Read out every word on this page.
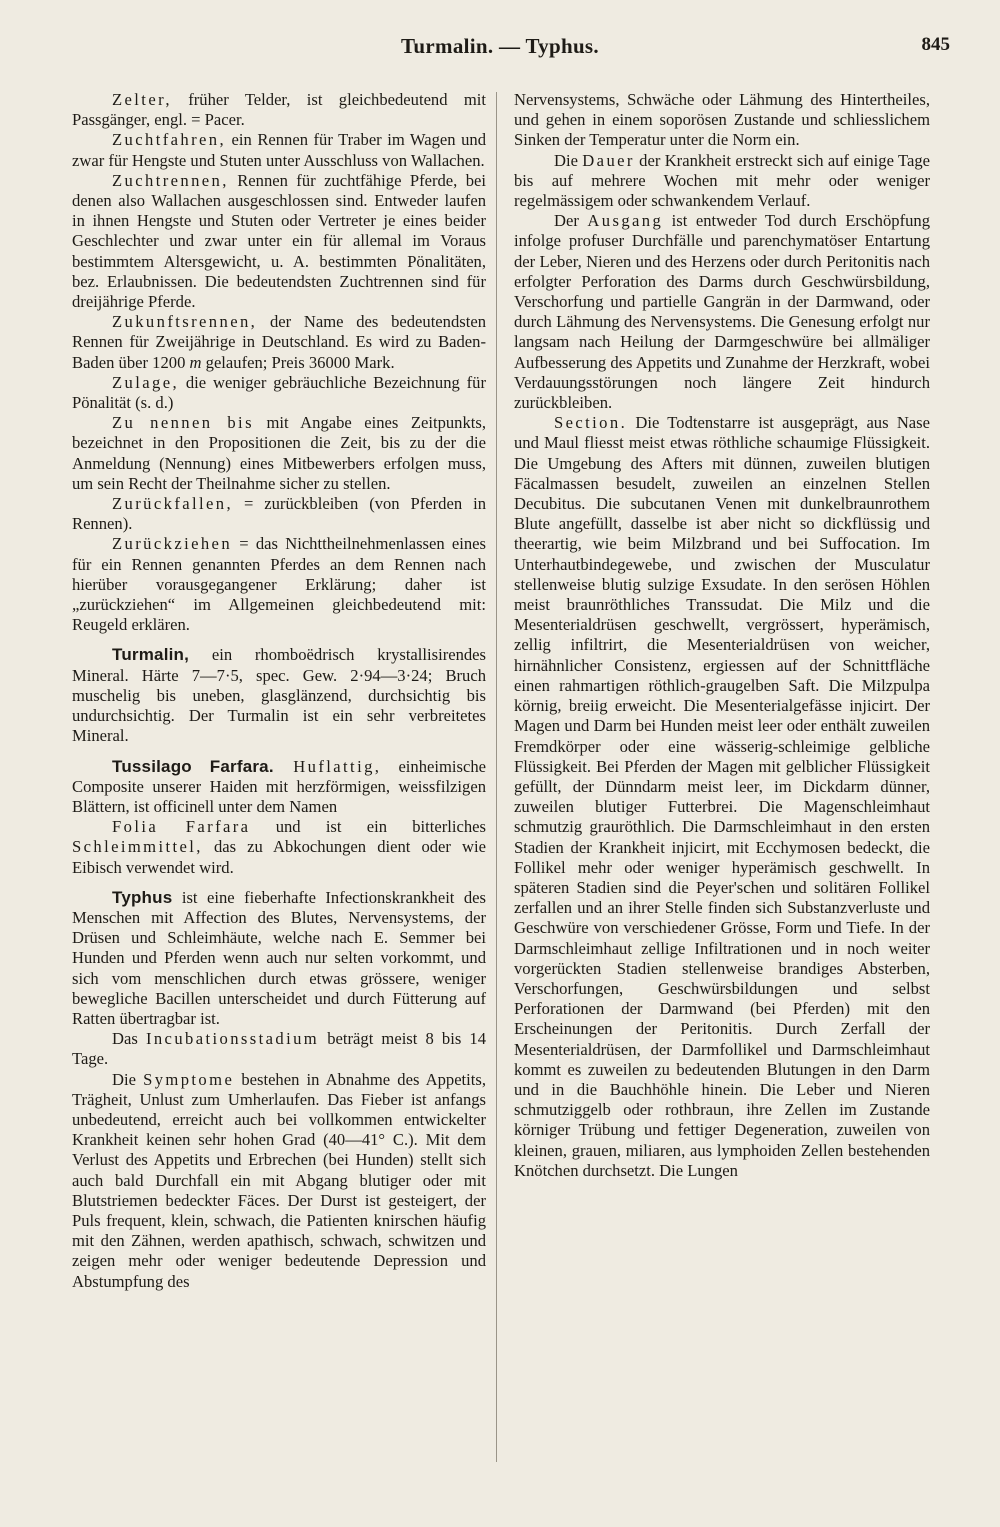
Turmalin. — Typhus.	845

Zelter, früher Telder, ist gleichbedeutend mit Passgänger, engl. = Pacer.

Zuchtfahren, ein Rennen für Traber im Wagen und zwar für Hengste und Stuten unter Ausschluss von Wallachen.

Zuchtrennen, Rennen für zuchtfähige Pferde, bei denen also Wallachen ausgeschlossen sind. Entweder laufen in ihnen Hengste und Stuten oder Vertreter je eines beider Geschlechter und zwar unter ein für allemal im Voraus bestimmtem Altersgewicht, u. A. bestimmten Pönalitäten, bez. Erlaubnissen. Die bedeutendsten Zuchtrennen sind für dreijährige Pferde.

Zukunftsrennen, der Name des bedeutendsten Rennen für Zweijährige in Deutschland. Es wird zu Baden-Baden über 1200 m gelaufen; Preis 36000 Mark.

Zulage, die weniger gebräuchliche Bezeichnung für Pönalität (s. d.)

Zu nennen bis mit Angabe eines Zeitpunkts, bezeichnet in den Propositionen die Zeit, bis zu der die Anmeldung (Nennung) eines Mitbewerbers erfolgen muss, um sein Recht der Theilnahme sicher zu stellen.

Zurückfallen, = zurückbleiben (von Pferden in Rennen).

Zurückziehen = das Nichttheilnehmenlassen eines für ein Rennen genannten Pferdes an dem Rennen nach hierüber vorausgegangener Erklärung; daher ist „zurückziehen“ im Allgemeinen gleichbedeutend mit: Reugeld erklären.

Turmalin, ein rhomboëdrisch krystallisirendes Mineral. Härte 7—7·5, spec. Gew. 2·94—3·24; Bruch muschelig bis uneben, glasglänzend, durchsichtig bis undurchsichtig. Der Turmalin ist ein sehr verbreitetes Mineral.

Tussilago Farfara. Huflattig, einheimische Composite unserer Haiden mit herzförmigen, weissfilzigen Blättern, ist officinell unter dem Namen

Folia Farfara und ist ein bitterliches Schleimmittel, das zu Abkochungen dient oder wie Eibisch verwendet wird.

Typhus ist eine fieberhafte Infectionskrankheit des Menschen mit Affection des Blutes, Nervensystems, der Drüsen und Schleimhäute, welche nach E. Semmer bei Hunden und Pferden wenn auch nur selten vorkommt, und sich vom menschlichen durch etwas grössere, weniger bewegliche Bacillen unterscheidet und durch Fütterung auf Ratten übertragbar ist.

Das Incubationsstadium beträgt meist 8 bis 14 Tage.

Die Symptome bestehen in Abnahme des Appetits, Trägheit, Unlust zum Umherlaufen. Das Fieber ist anfangs unbedeutend, erreicht auch bei vollkommen entwickelter Krankheit keinen sehr hohen Grad (40—41° C.). Mit dem Verlust des Appetits und Erbrechen (bei Hunden) stellt sich auch bald Durchfall ein mit Abgang blutiger oder mit Blutstriemen bedeckter Fäces. Der Durst ist gesteigert, der Puls frequent, klein, schwach, die Patienten knirschen häufig mit den Zähnen, werden apathisch, schwach, schwitzen und zeigen mehr oder weniger bedeutende Depression und Abstumpfung des

Nervensystems, Schwäche oder Lähmung des Hintertheiles, und gehen in einem soporösen Zustande und schliesslichem Sinken der Temperatur unter die Norm ein.

Die Dauer der Krankheit erstreckt sich auf einige Tage bis auf mehrere Wochen mit mehr oder weniger regelmässigem oder schwankendem Verlauf.

Der Ausgang ist entweder Tod durch Erschöpfung infolge profuser Durchfälle und parenchymatöser Entartung der Leber, Nieren und des Herzens oder durch Peritonitis nach erfolgter Perforation des Darms durch Geschwürsbildung, Verschorfung und partielle Gangrän in der Darmwand, oder durch Lähmung des Nervensystems. Die Genesung erfolgt nur langsam nach Heilung der Darmgeschwüre bei allmäliger Aufbesserung des Appetits und Zunahme der Herzkraft, wobei Verdauungsstörungen noch längere Zeit hindurch zurückbleiben.

Section. Die Todtenstarre ist ausgeprägt, aus Nase und Maul fliesst meist etwas röthliche schaumige Flüssigkeit. Die Umgebung des Afters mit dünnen, zuweilen blutigen Fäcalmassen besudelt, zuweilen an einzelnen Stellen Decubitus. Die subcutanen Venen mit dunkelbraunrothem Blute angefüllt, dasselbe ist aber nicht so dickflüssig und theerartig, wie beim Milzbrand und bei Suffocation. Im Unterhautbindegewebe, und zwischen der Musculatur stellenweise blutig sulzige Exsudate. In den serösen Höhlen meist braunröthliches Transsudat. Die Milz und die Mesenterialdrüsen geschwellt, vergrössert, hyperämisch, zellig infiltrirt, die Mesenterialdrüsen von weicher, hirnähnlicher Consistenz, ergiessen auf der Schnittfläche einen rahmartigen röthlich-graugelben Saft. Die Milzpulpa körnig, breiig erweicht. Die Mesenterialgefässe injicirt. Der Magen und Darm bei Hunden meist leer oder enthält zuweilen Fremdkörper oder eine wässerig-schleimige gelbliche Flüssigkeit. Bei Pferden der Magen mit gelblicher Flüssigkeit gefüllt, der Dünndarm meist leer, im Dickdarm dünner, zuweilen blutiger Futterbrei. Die Magenschleimhaut schmutzig grauröthlich. Die Darmschleimhaut in den ersten Stadien der Krankheit injicirt, mit Ecchymosen bedeckt, die Follikel mehr oder weniger hyperämisch geschwellt. In späteren Stadien sind die Peyer'schen und solitären Follikel zerfallen und an ihrer Stelle finden sich Substanzverluste und Geschwüre von verschiedener Grösse, Form und Tiefe. In der Darmschleimhaut zellige Infiltrationen und in noch weiter vorgerückten Stadien stellenweise brandiges Absterben, Verschorfungen, Geschwürsbildungen und selbst Perforationen der Darmwand (bei Pferden) mit den Erscheinungen der Peritonitis. Durch Zerfall der Mesenterialdrüsen, der Darmfollikel und Darmschleimhaut kommt es zuweilen zu bedeutenden Blutungen in den Darm und in die Bauchhöhle hinein. Die Leber und Nieren schmutziggelb oder rothbraun, ihre Zellen im Zustande körniger Trübung und fettiger Degeneration, zuweilen von kleinen, grauen, miliaren, aus lymphoiden Zellen bestehenden Knötchen durchsetzt. Die Lungen
